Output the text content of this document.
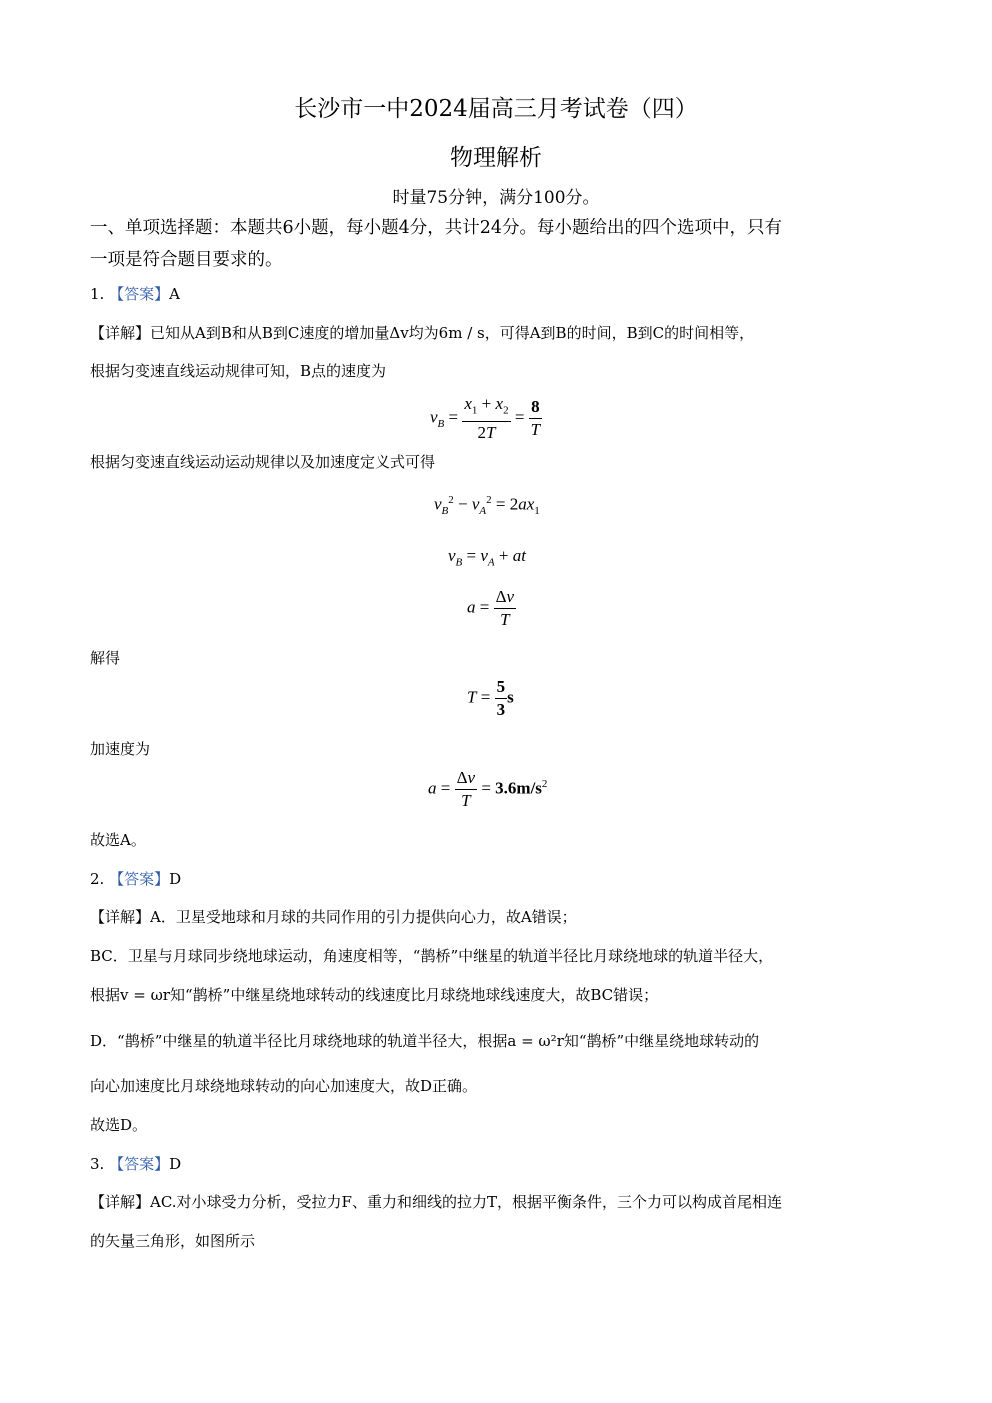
长沙市一中2024届高三月考试卷（四）
物理解析
时量75分钟，满分100分。
一、单项选择题：本题共6小题，每小题4分，共计24分。每小题给出的四个选项中，只有
一项是符合题目要求的。
1. 【答案】A
【详解】已知从A到B和从B到C速度的增加量Δv均为6m / s，可得A到B的时间，B到C的时间相等，
根据匀变速直线运动规律可知，B点的速度为
$v_B = \frac{x_1 + x_2}{2T} = \frac{8}{T}$
根据匀变速直线运动运动规律以及加速度定义式可得
$v_B^2 - v_A^2 = 2ax_1$
$v_B = v_A$ + at
$a = \frac{\Delta v}{T}$
解得
$T = \frac{5}{3}$ s
加速度为
$a = \frac{\Delta v}{T} = 3.6m/s^2$
故选A。
2. 【答案】D
【详解】A．卫星受地球和月球的共同作用的引力提供向心力，故A错误；
BC．卫星与月球同步绕地球运动，角速度相等，“鹊桥”中继星的轨道半径比月球绕地球的轨道半径大，
根据v = ωr知“鹊桥”中继星绕地球转动的线速度比月球绕地球线速度大，故BC错误；
D．“鹊桥”中继星的轨道半径比月球绕地球的轨道半径大，根据a = ω²r知“鹊桥”中继星绕地球转动的
向心加速度比月球绕地球转动的向心加速度大，故D正确。
故选D。
3. 【答案】D
【详解】AC.对小球受力分析，受拉力F、重力和细线的拉力T，根据平衡条件，三个力可以构成首尾相连
的矢量三角形，如图所示
